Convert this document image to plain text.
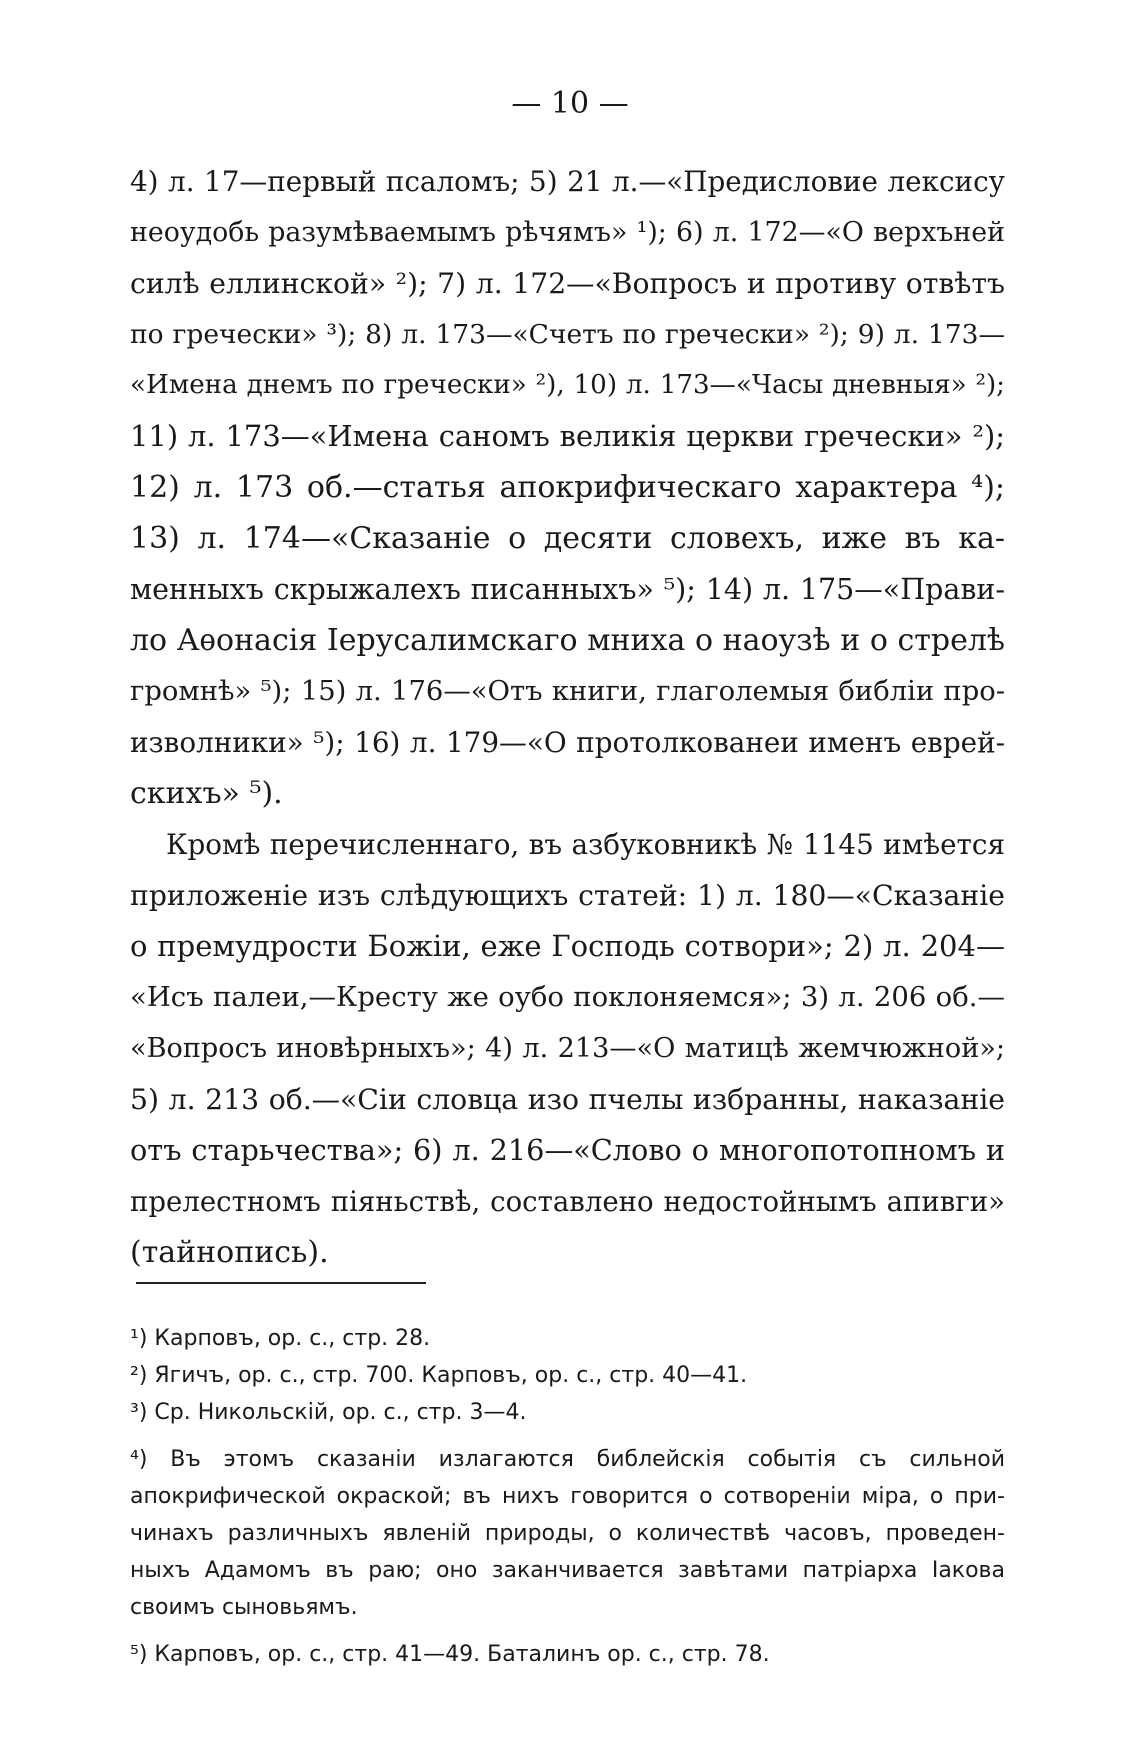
— 10 —
4) л. 17—первый псаломъ; 5) 21 л.—«Предисловие лексису
неоудобь разумѣваемымъ рѣчямъ» ¹); 6) л. 172—«О верхъней
силѣ еллинской» ²); 7) л. 172—«Вопросъ и противу отвѣтъ
по гречески» ³); 8) л. 173—«Счетъ по гречески» ²); 9) л. 173—
«Имена днемъ по гречески» ²), 10) л. 173—«Часы дневныя» ²);
11) л. 173—«Имена саномъ великія церкви гречески» ²);
12) л. 173 об.—статья апокрифическаго характера ⁴);
13) л. 174—«Сказаніе о десяти словехъ, иже въ ка-
менныхъ скрыжалехъ писанныхъ» ⁵); 14) л. 175—«Прави-
ло Аѳонасія Іерусалимскаго мниха о наоузѣ и о стрелѣ
громнѣ» ⁵); 15) л. 176—«Отъ книги, глаголемыя библіи про-
изволники» ⁵); 16) л. 179—«О протолкованеи именъ еврей-
скихъ» ⁵).
Кромѣ перечисленнаго, въ азбуковникѣ № 1145 имѣется
приложеніе изъ слѣдующихъ статей: 1) л. 180—«Сказаніе
о премудрости Божіи, еже Господь сотвори»; 2) л. 204—
«Исъ палеи,—Кресту же оубо поклоняемся»; 3) л. 206 об.—
«Вопросъ иновѣрныхъ»; 4) л. 213—«О матицѣ жемчюжной»;
5) л. 213 об.—«Сіи словца изо пчелы избранны, наказаніе
отъ старьчества»; 6) л. 216—«Слово о многопотопномъ и
прелестномъ піяньствѣ, составлено недостойнымъ апивги»
(тайнопись).
¹) Карповъ, ор. с., стр. 28.
²) Ягичъ, ор. с., стр. 700. Карповъ, ор. с., стр. 40—41.
³) Ср. Никольскій, ор. с., стр. 3—4.
⁴) Въ этомъ сказаніи излагаются библейскія событія съ сильной
апокрифической окраской; въ нихъ говорится о сотвореніи міра, о при-
чинахъ различныхъ явленій природы, о количествѣ часовъ, проведен-
ныхъ Адамомъ въ раю; оно заканчивается завѣтами патріарха Іакова
своимъ сыновьямъ.
⁵) Карповъ, ор. с., стр. 41—49. Баталинъ ор. с., стр. 78.
